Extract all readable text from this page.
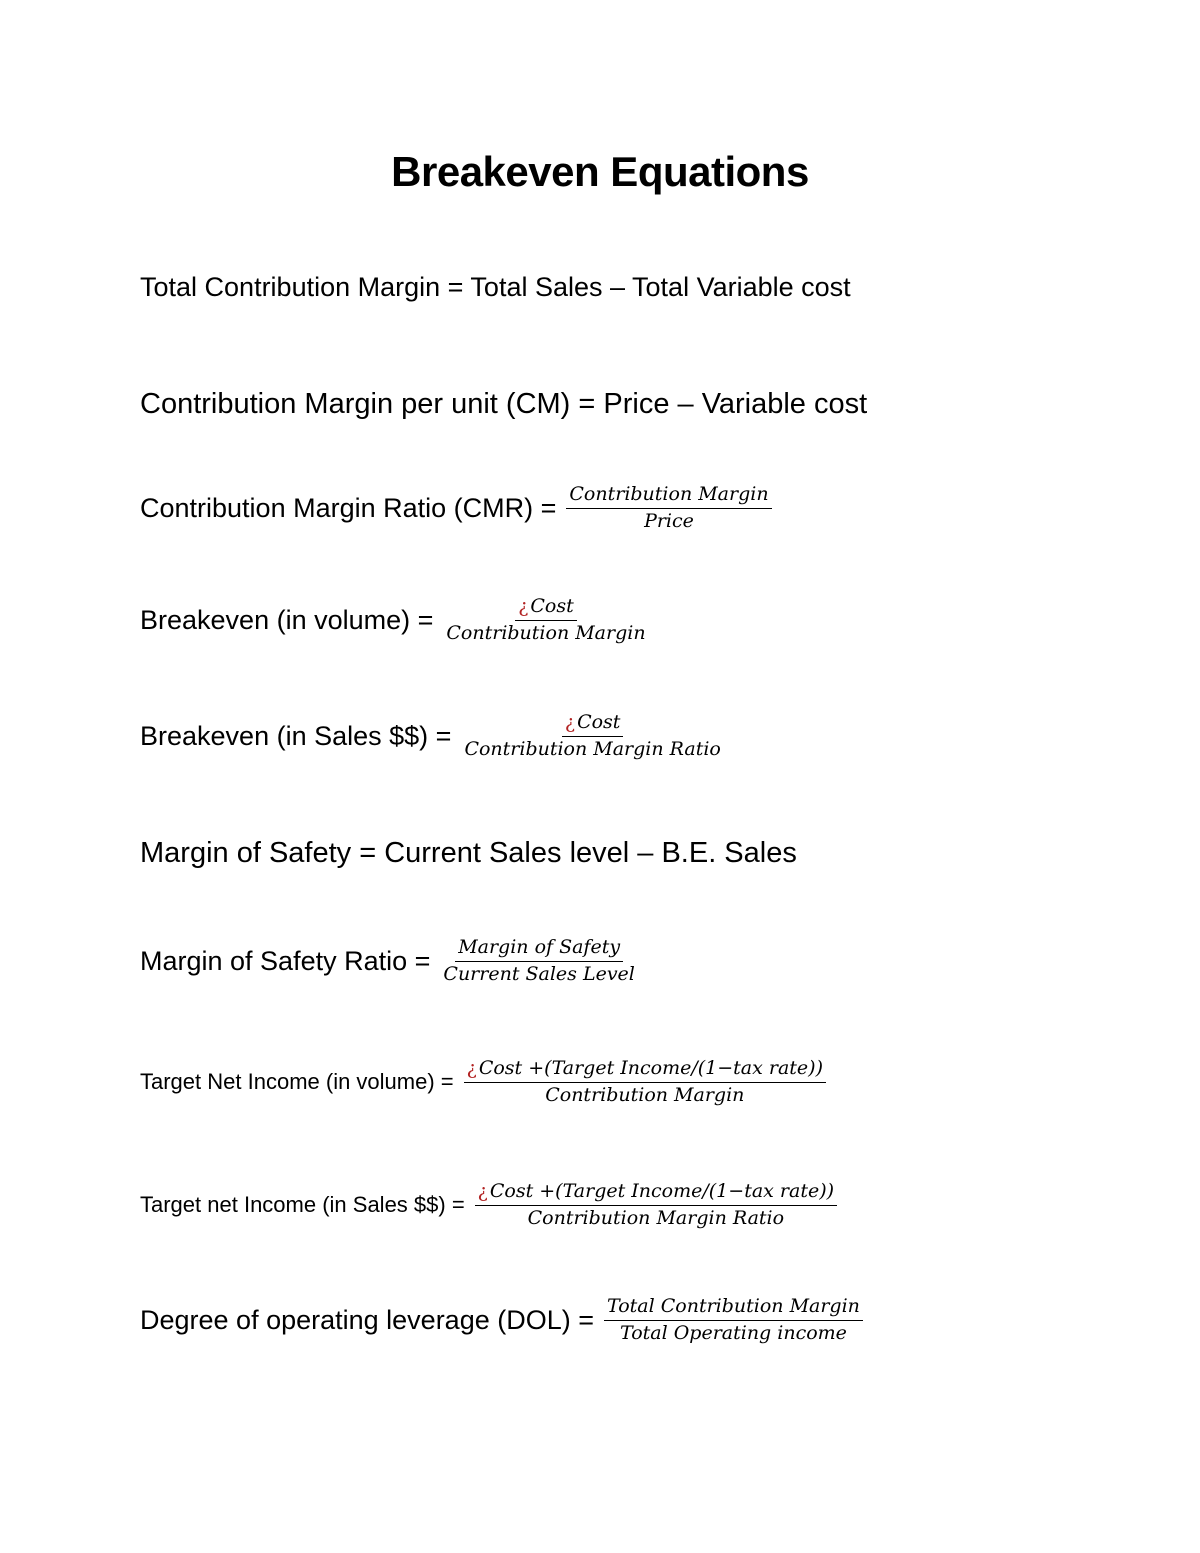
Breakeven Equations
Total Contribution Margin = Total Sales – Total Variable cost
Contribution Margin per unit (CM) = Price – Variable cost
Contribution Margin Ratio $(CMR) = \frac{\text{Contribution Margin}}{\text{Price}}$
Breakeven (in volume) = $\frac{\text{¿ Cost}}{\text{Contribution Margin}}$
Breakeven (in Sales $$) = $\frac{\text{¿ Cost}}{\text{Contribution Margin Ratio}}$
Margin of Safety = Current Sales level – B.E. Sales
Margin of Safety Ratio = $\frac{\text{Margin of Safety}}{\text{Current Sales Level}}$
Target Net Income (in volume) = $\frac{\text{¿ Cost +(Target Income/(1−tax rate))}}{\text{Contribution Margin}}$
Target net Income (in Sales $$) = $\frac{\text{¿ Cost +(Target Income/(1−tax rate))}}{\text{Contribution Margin Ratio}}$
Degree of operating leverage $(DOL) = \frac{\text{Total Contribution Margin}}{\text{Total Operating income}}$
